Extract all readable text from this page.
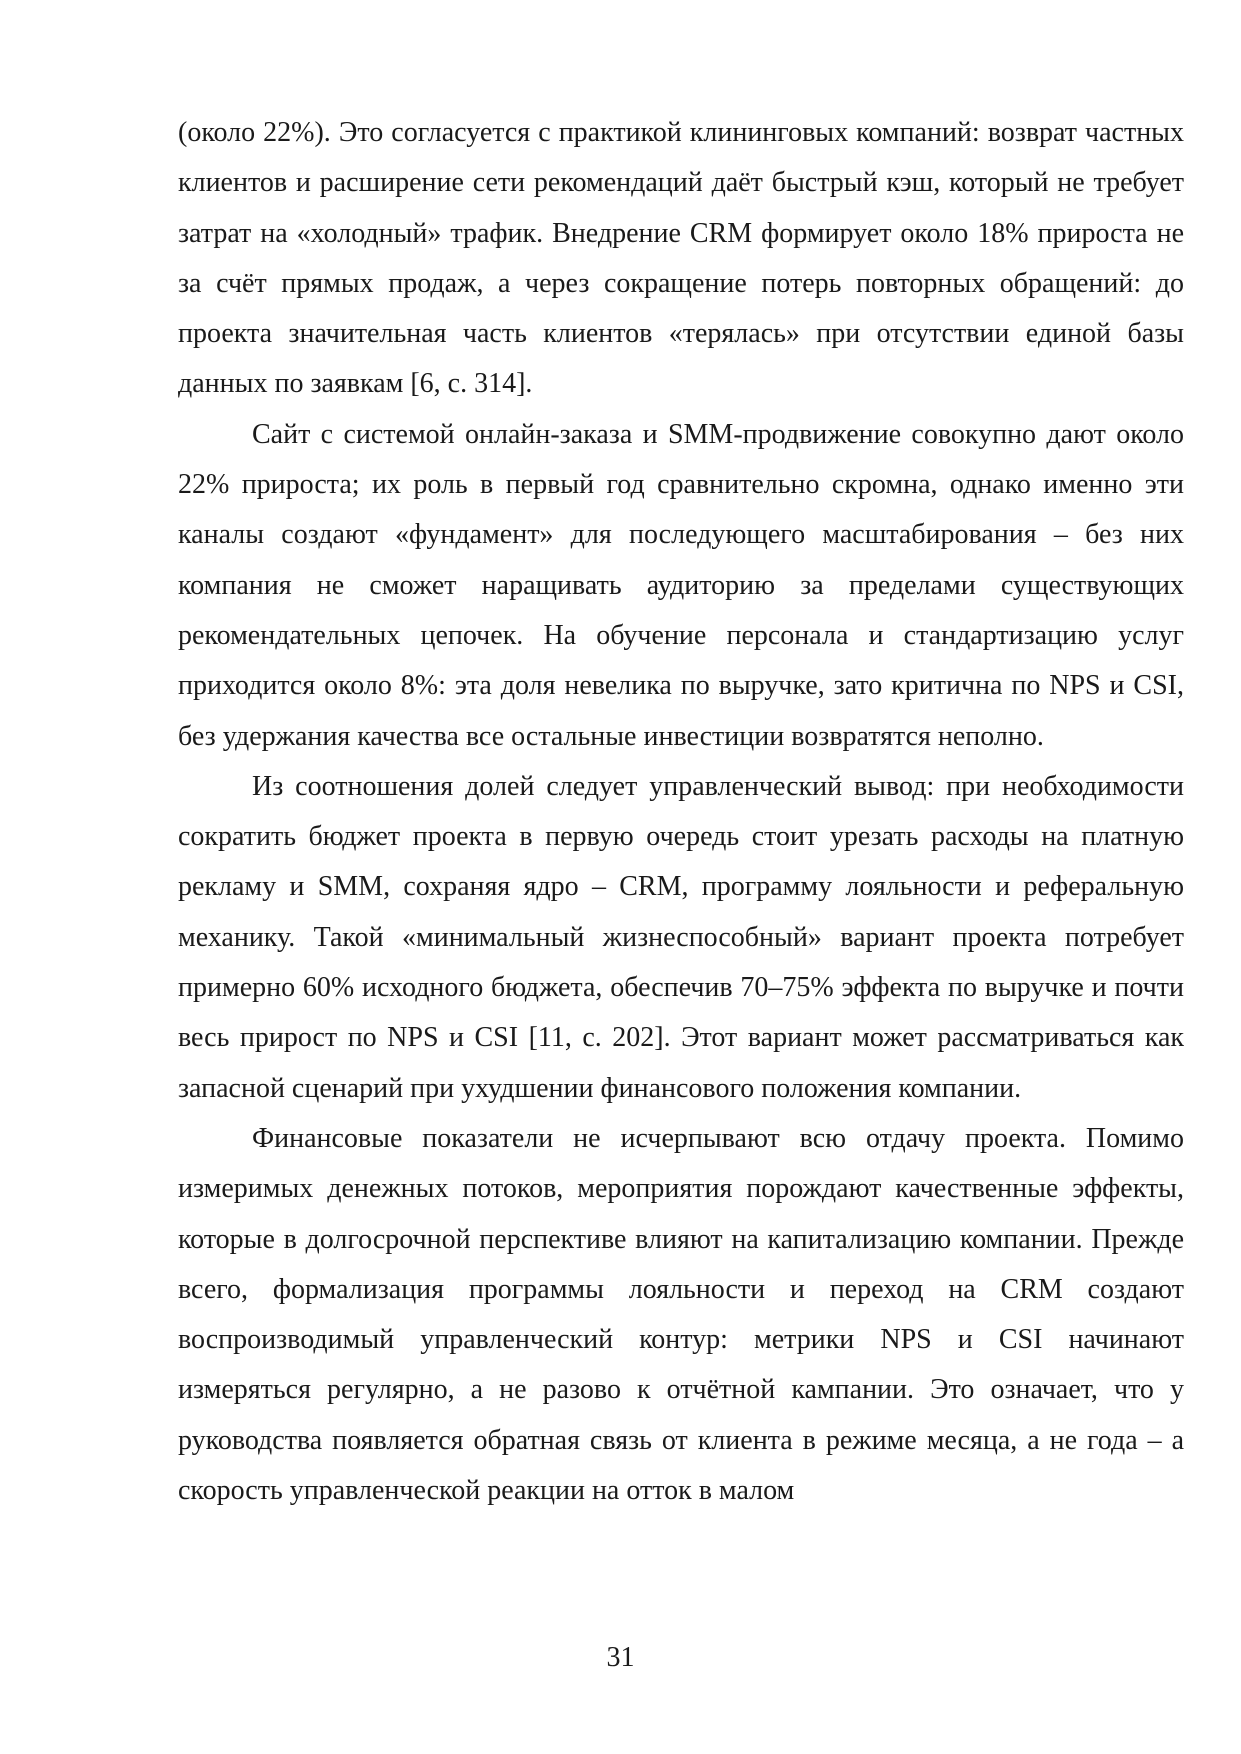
(около 22%). Это согласуется с практикой клининговых компаний: возврат частных клиентов и расширение сети рекомендаций даёт быстрый кэш, который не требует затрат на «холодный» трафик. Внедрение CRM формирует около 18% прироста не за счёт прямых продаж, а через сокращение потерь повторных обращений: до проекта значительная часть клиентов «терялась» при отсутствии единой базы данных по заявкам [6, с. 314].

Сайт с системой онлайн-заказа и SMM-продвижение совокупно дают около 22% прироста; их роль в первый год сравнительно скромна, однако именно эти каналы создают «фундамент» для последующего масштабирования – без них компания не сможет наращивать аудиторию за пределами существующих рекомендательных цепочек. На обучение персонала и стандартизацию услуг приходится около 8%: эта доля невелика по выручке, зато критична по NPS и CSI, без удержания качества все остальные инвестиции возвратятся неполно.

Из соотношения долей следует управленческий вывод: при необходимости сократить бюджет проекта в первую очередь стоит урезать расходы на платную рекламу и SMM, сохраняя ядро – CRM, программу лояльности и реферальную механику. Такой «минимальный жизнеспособный» вариант проекта потребует примерно 60% исходного бюджета, обеспечив 70–75% эффекта по выручке и почти весь прирост по NPS и CSI [11, с. 202]. Этот вариант может рассматриваться как запасной сценарий при ухудшении финансового положения компании.

Финансовые показатели не исчерпывают всю отдачу проекта. Помимо измеримых денежных потоков, мероприятия порождают качественные эффекты, которые в долгосрочной перспективе влияют на капитализацию компании. Прежде всего, формализация программы лояльности и переход на CRM создают воспроизводимый управленческий контур: метрики NPS и CSI начинают измеряться регулярно, а не разово к отчётной кампании. Это означает, что у руководства появляется обратная связь от клиента в режиме месяца, а не года – а скорость управленческой реакции на отток в малом

31
